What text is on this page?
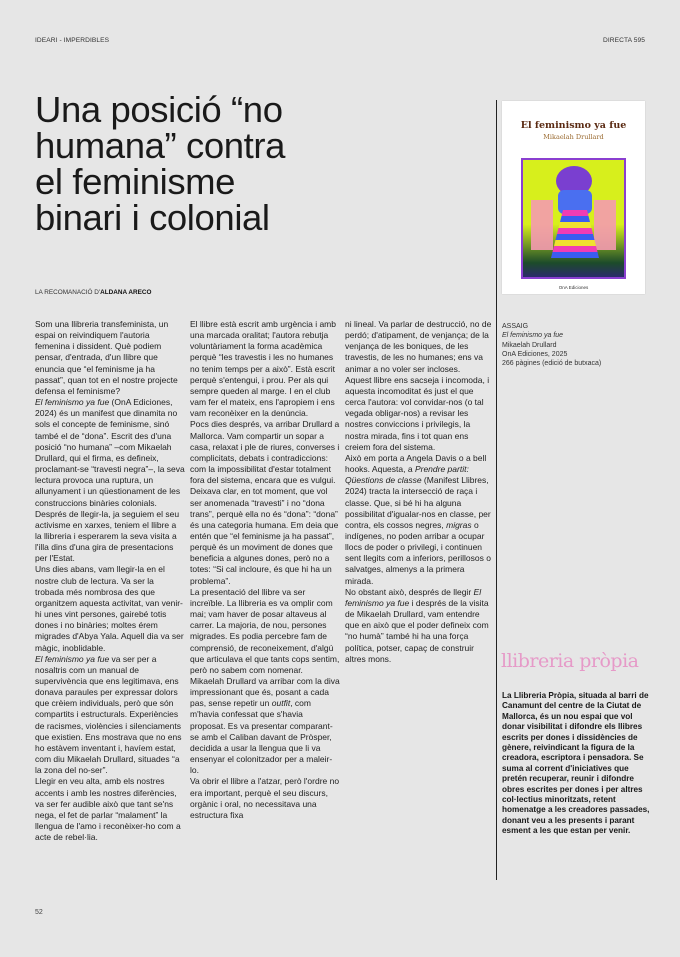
IDEARI - IMPERDIBLES	DIRECTA 595
Una posició “no
humana” contra
el feminisme
binari i colonial
LA RECOMANACIÓ D'ALDANA ARECO

Som una llibreria transfeminista, un espai on reivindiquem l'autoria femenina i dissident. Què podiem pensar, d'entrada, d'un llibre que enuncia que “el feminisme ja ha passat”, quan tot en el nostre projecte defensa el feminisme?

El feminismo ya fue (OnA Ediciones, 2024) és un manifest que dinamita no sols el concepte de feminisme, sinó també el de “dona”. Escrit des d'una posició “no humana” –com Mikaelah Drullard, qui el firma, es defineix, proclamant-se “travesti negra”–, la seva lectura provoca una ruptura, un allunyament i un qüestionament de les construccions binàries colonials. Després de llegir-la, ja seguiem el seu activisme en xarxes, teniem el llibre a la llibreria i esperarem la seva visita a l'illa dins d'una gira de presentacions per l'Estat.

Uns dies abans, vam llegir-la en el nostre club de lectura. Va ser la trobada més nombrosa des que organitzem aquesta activitat, van venir-hi unes vint persones, gairebé totis dones i no binàries; moltes érem migrades d'Abya Yala. Aquell dia va ser màgic, inoblidable.

El feminismo ya fue va ser per a nosaltris com un manual de supervivència que ens legitimava, ens donava paraules per expressar dolors que crèiem individuals, però que són compartits i estructurals. Experiències de racismes, violències i silenciaments que existien. Ens mostrava que no ens ho estàvem inventant i, havíem estat, com diu Mikaelah Drullard, situades “a la zona del no-ser”.

Llegir en veu alta, amb els nostres accents i amb les nostres diferències, va ser fer audible això que tant se'ns nega, el fet de parlar “malament” la llengua de l'amo i reconèixer-ho com a acte de rebel·lia.

El llibre està escrit amb urgència i amb una marcada oralitat; l'autora rebutja voluntàriament la forma acadèmica perquè “les travestis i les no humanes no tenim temps per a això”. Està escrit perquè s'entengui, i prou. Per als qui sempre queden al marge. I en el club vam fer el mateix, ens l'apropiem i ens vam reconèixer en la denúncia.

Pocs dies després, va arribar Drullard a Mallorca. Vam compartir un sopar a casa, relaxat i ple de riures, converses i complicitats, debats i contradiccions: com la impossibilitat d'estar totalment fora del sistema, encara que es vulgui. Deixava clar, en tot moment, que vol ser anomenada “travesti” i no “dona trans”, perquè ella no és “dona”: “dona” és una categoria humana. Em deia que entén que “el feminisme ja ha passat”, perquè és un moviment de dones que beneficia a algunes dones, però no a totes: “Si cal incloure, és que hi ha un problema”.

La presentació del llibre va ser increïble. La llibreria es va omplir com mai; vam haver de posar altaveus al carrer. La majoria, de nou, persones migrades. Es podia percebre fam de comprensió, de reconeixement, d'algú que articulava el que tants cops sentim, però no sabem com nomenar.

Mikaelah Drullard va arribar com la diva impressionant que és, posant a cada pas, sense repetir un outfit, com m'havia confessat que s'havia proposat. Es va presentar comparant-se amb el Caliban davant de Pròsper, decidida a usar la llengua que li va ensenyar el colonitzador per a maleir-lo.

Va obrir el llibre a l'atzar, però l'ordre no era important, perquè el seu discurs, orgànic i oral, no necessitava una estructura fixa

ni lineal. Va parlar de destrucció, no de perdó; d'atipament, de venjança; de la venjança de les boniques, de les travestis, de les no humanes; ens va animar a no voler ser incloses.

Aquest llibre ens sacseja i incomoda, i aquesta incomoditat és just el que cerca l'autora: vol convidar-nos (o tal vegada obligar-nos) a revisar les nostres conviccions i privilegis, la nostra mirada, fins i tot quan ens creiem fora del sistema.

Això em porta a Angela Davis o a bell hooks. Aquesta, a Prendre partit: Qüestions de classe (Manifest Llibres, 2024) tracta la intersecció de raça i classe. Que, si bé hi ha alguna possibilitat d'igualar-nos en classe, per contra, els cossos negres, migras o indígenes, no poden arribar a ocupar llocs de poder o privilegi, i continuen sent llegits com a inferiors, perillosos o salvatges, almenys a la primera mirada.

No obstant això, després de llegir El feminismo ya fue i després de la visita de Mikaelah Drullard, vam entendre que en això que el poder defineix com “no humà” també hi ha una força política, potser, capaç de construir altres mons.

El feminismo ya fue
Mikaelah Drullard
OnA Ediciones
ASSAIG
El feminismo ya fue
Mikaelah Drullard
OnA Ediciones, 2025
266 pàgines (edició de butxaca)
llibreria pròpia
La Llibreria Pròpia, situada al barri de Canamunt del centre de la Ciutat de Mallorca, és un nou espai que vol donar visibilitat i difondre els llibres escrits per dones i dissidències de gènere, reivindicant la figura de la creadora, escriptora i pensadora. Se suma al corrent d'iniciatives que pretén recuperar, reunir i difondre obres escrites per dones i per altres col·lectius minoritzats, retent homenatge a les creadores passades, donant veu a les presents i parant esment a les que estan per venir.
52
